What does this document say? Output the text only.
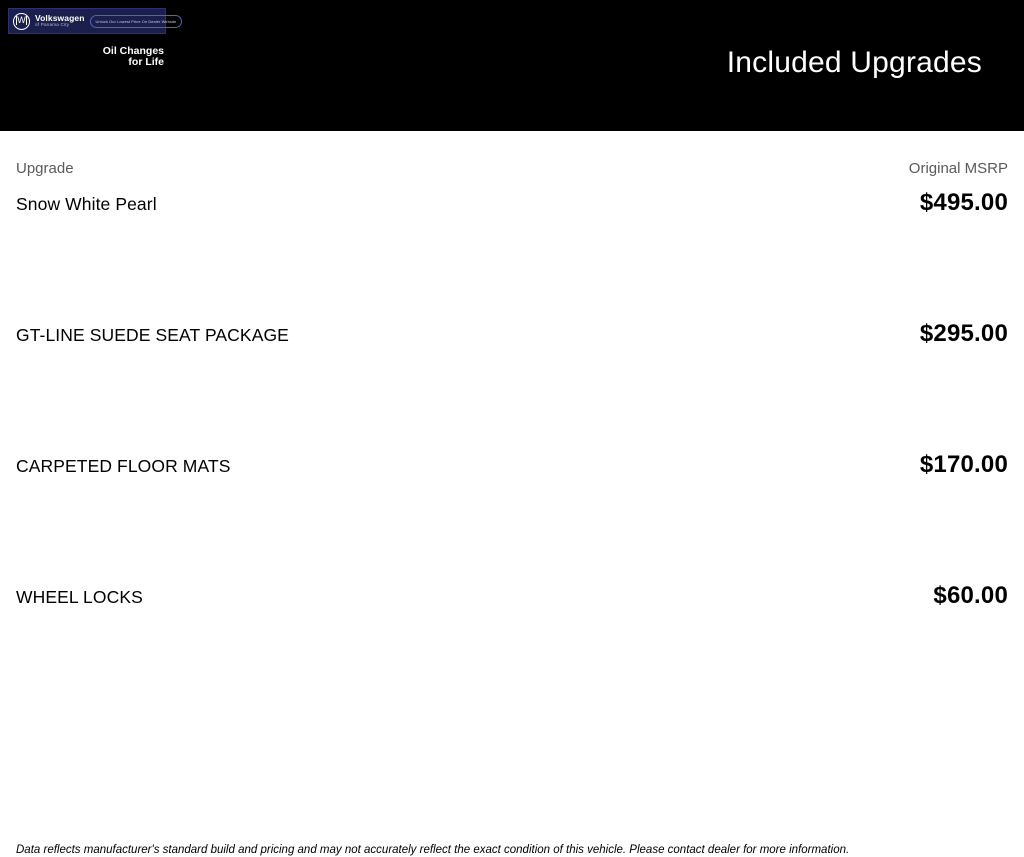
W
Volkswagen
of Panama City
Unlock Our Lowest Price On Dealer Website
Oil Changes
for Life	Included Upgrades
Upgrade	Original MSRP
Snow White Pearl	$495.00
GT-LINE SUEDE SEAT PACKAGE	$295.00
CARPETED FLOOR MATS	$170.00
WHEEL LOCKS	$60.00
Data reflects manufacturer's standard build and pricing and may not accurately reflect the exact condition of this vehicle. Please contact dealer for more information.
